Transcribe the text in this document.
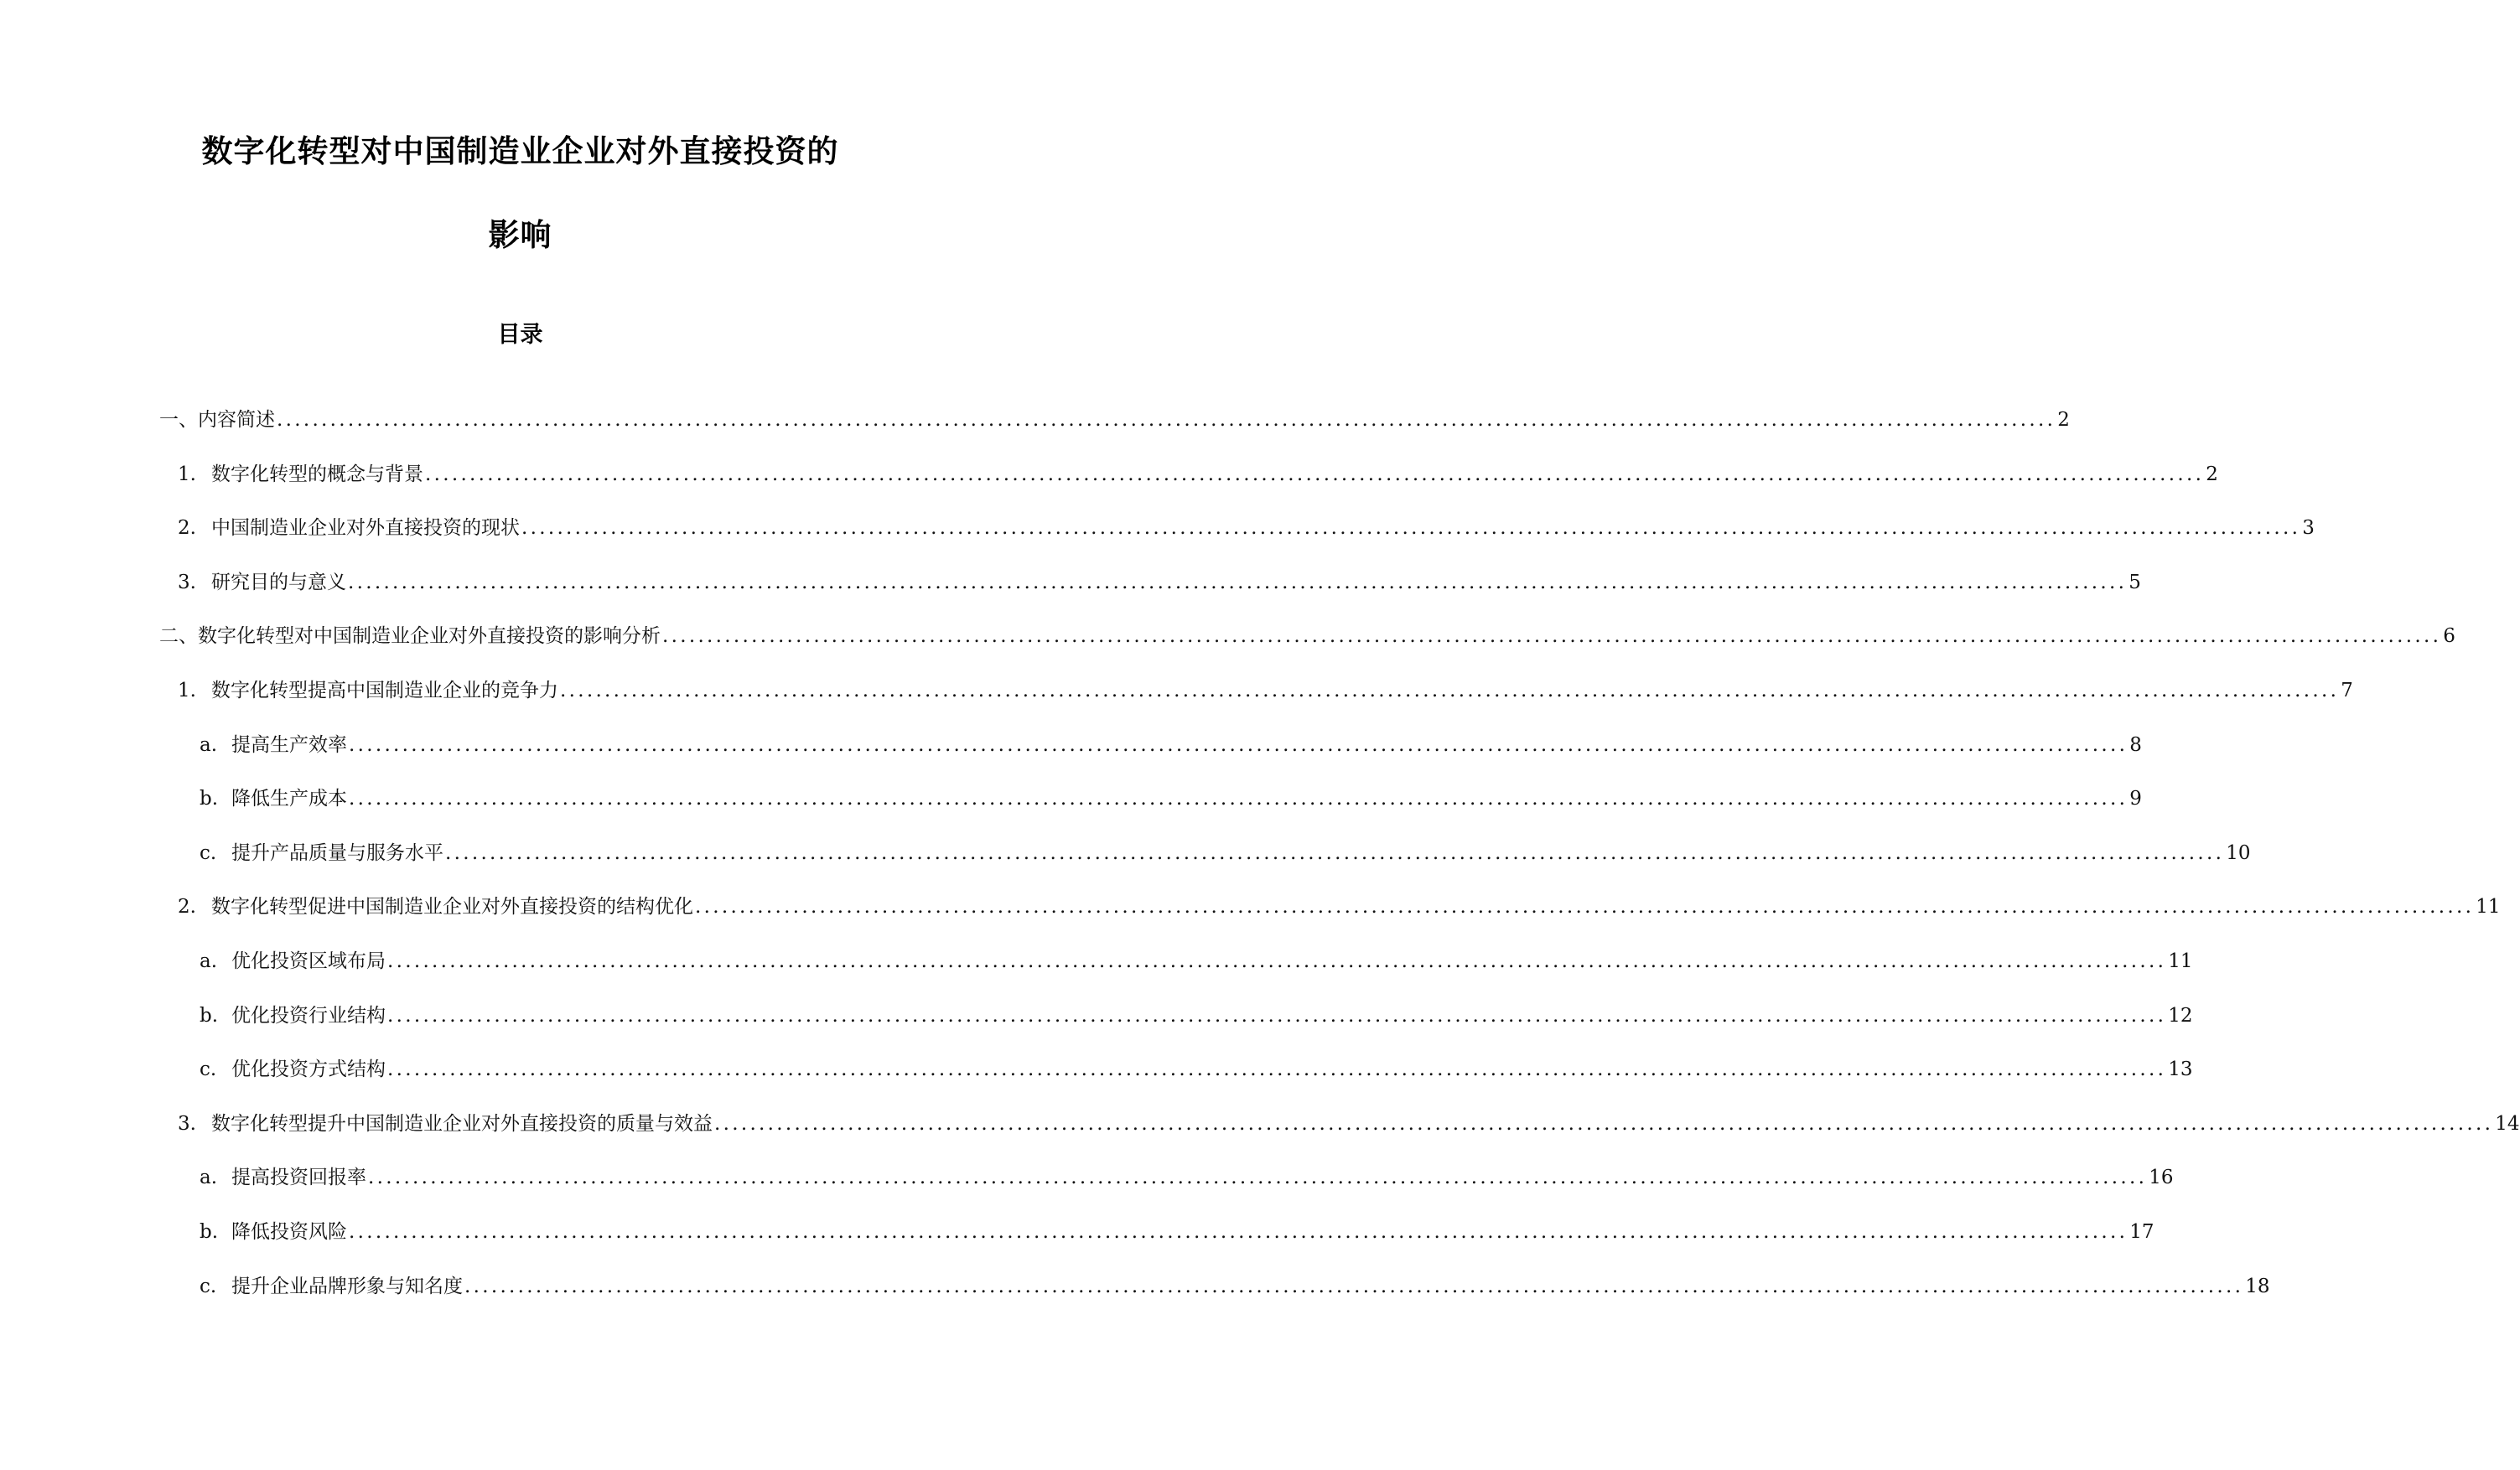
数字化转型对中国制造业企业对外直接投资的
影响
目录
一、内容简述 ........................................................................................................................................................................................................ 2
1. 数字化转型的概念与背景 ........................................................................................................................................................................................................ 2
2. 中国制造业企业对外直接投资的现状 ........................................................................................................................................................................................................ 3
3. 研究目的与意义 ........................................................................................................................................................................................................ 5
二、数字化转型对中国制造业企业对外直接投资的影响分析 ........................................................................................................................................................................................................ 6
1. 数字化转型提高中国制造业企业的竞争力 ........................................................................................................................................................................................................ 7
a. 提高生产效率 ........................................................................................................................................................................................................ 8
b. 降低生产成本 ........................................................................................................................................................................................................ 9
c. 提升产品质量与服务水平 ........................................................................................................................................................................................................ 10
2. 数字化转型促进中国制造业企业对外直接投资的结构优化 ........................................................................................................................................................................................................ 11
a. 优化投资区域布局 ........................................................................................................................................................................................................ 11
b. 优化投资行业结构 ........................................................................................................................................................................................................ 12
c. 优化投资方式结构 ........................................................................................................................................................................................................ 13
3. 数字化转型提升中国制造业企业对外直接投资的质量与效益 ........................................................................................................................................................................................................ 14
a. 提高投资回报率 ........................................................................................................................................................................................................ 16
b. 降低投资风险 ........................................................................................................................................................................................................ 17
c. 提升企业品牌形象与知名度 ........................................................................................................................................................................................................ 18
